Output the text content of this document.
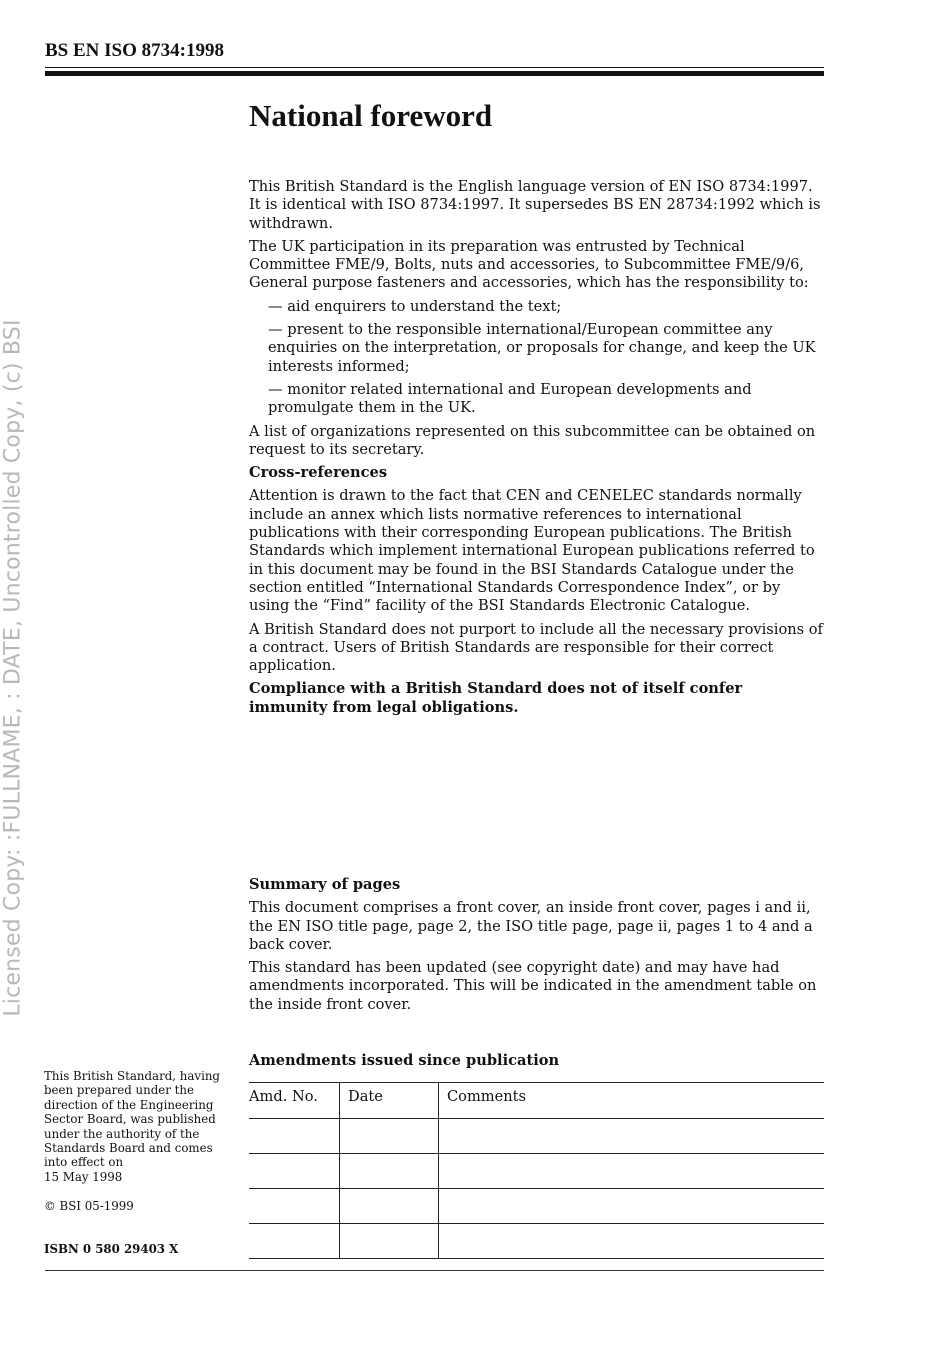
BS EN ISO 8734:1998
Licensed Copy: :FULLNAME, : DATE, Uncontrolled Copy, (c) BSI
National foreword

This British Standard is the English language version of EN ISO 8734:1997. It is identical with ISO 8734:1997. It supersedes BS EN 28734:1992 which is withdrawn.

The UK participation in its preparation was entrusted by Technical Committee FME/9, Bolts, nuts and accessories, to Subcommittee FME/9/6, General purpose fasteners and accessories, which has the responsibility to:

— aid enquirers to understand the text;

— present to the responsible international/European committee any enquiries on the interpretation, or proposals for change, and keep the UK interests informed;

— monitor related international and European developments and promulgate them in the UK.

A list of organizations represented on this subcommittee can be obtained on request to its secretary.

Cross-references

Attention is drawn to the fact that CEN and CENELEC standards normally include an annex which lists normative references to international publications with their corresponding European publications. The British Standards which implement international European publications referred to in this document may be found in the BSI Standards Catalogue under the section entitled “International Standards Correspondence Index”, or by using the “Find” facility of the BSI Standards Electronic Catalogue.

A British Standard does not purport to include all the necessary provisions of a contract. Users of British Standards are responsible for their correct application.

Compliance with a British Standard does not of itself confer immunity from legal obligations.

Summary of pages

This document comprises a front cover, an inside front cover, pages i and ii, the EN ISO title page, page 2, the ISO title page, page ii, pages 1 to 4 and a back cover.

This standard has been updated (see copyright date) and may have had amendments incorporated. This will be indicated in the amendment table on the inside front cover.

Amendments issued since publication
Amd. No.	Date	Comments

This British Standard, having been prepared under the direction of the Engineering Sector Board, was published under the authority of the Standards Board and comes into effect on

15 May 1998

© BSI 05-1999
ISBN 0 580 29403 X
